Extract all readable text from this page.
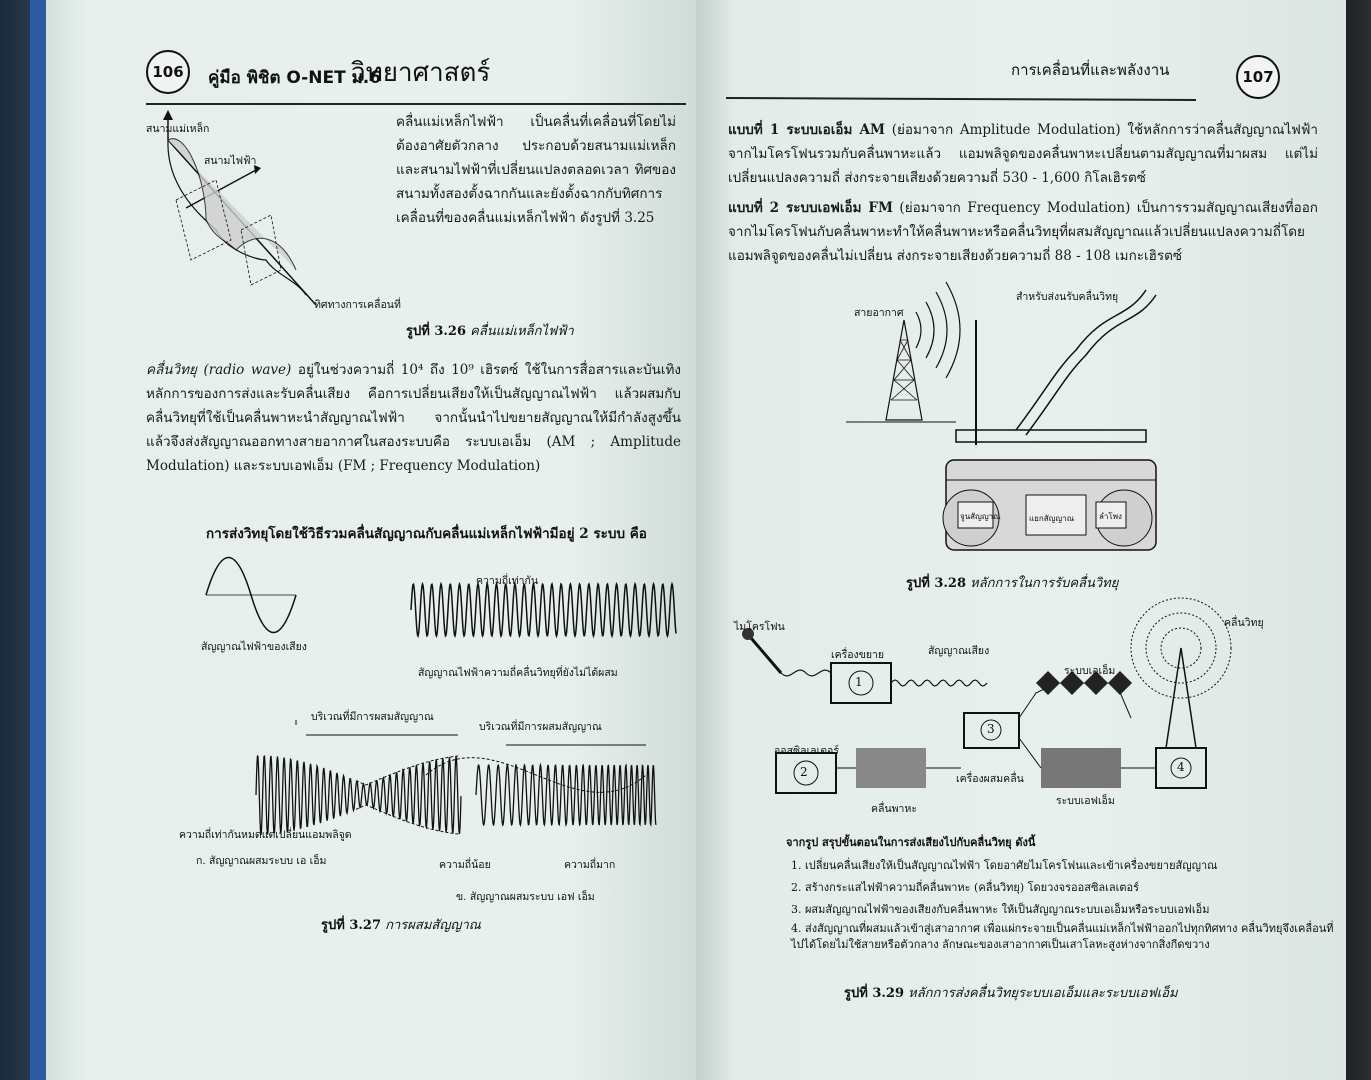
106	คู่มือ พิชิต O-NET ม.6
วิทยาศาสตร์
สนามแม่เหล็ก
สนามไฟฟ้า
ทิศทางการเคลื่อนที่
คลื่นแม่เหล็กไฟฟ้า เป็นคลื่นที่เคลื่อนที่โดยไม่ต้องอาศัยตัวกลาง ประกอบด้วยสนามแม่เหล็กและสนามไฟฟ้าที่เปลี่ยนแปลงตลอดเวลา ทิศของสนามทั้งสองตั้งฉากกันและยังตั้งฉากกับทิศการเคลื่อนที่ของคลื่นแม่เหล็กไฟฟ้า ดังรูปที่ 3.25
รูปที่ 3.26 คลื่นแม่เหล็กไฟฟ้า
คลื่นวิทยุ (radio wave) อยู่ในช่วงความถี่ 10⁴ ถึง 10⁹ เฮิรตซ์ ใช้ในการสื่อสารและบันเทิง หลักการของการส่งและรับคลื่นเสียง คือการเปลี่ยนเสียงให้เป็นสัญญาณไฟฟ้า แล้วผสมกับคลื่นวิทยุที่ใช้เป็นคลื่นพาหะนำสัญญาณไฟฟ้า จากนั้นนำไปขยายสัญญาณให้มีกำลังสูงขึ้น แล้วจึงส่งสัญญาณออกทางสายอากาศในสองระบบคือ ระบบเอเอ็ม (AM ; Amplitude Modulation) และระบบเอฟเอ็ม (FM ; Frequency Modulation)
การส่งวิทยุโดยใช้วิธีรวมคลื่นสัญญาณกับคลื่นแม่เหล็กไฟฟ้ามีอยู่ 2 ระบบ คือ
สัญญาณไฟฟ้าของเสียง
ความถี่เท่ากัน
สัญญาณไฟฟ้าความถี่คลื่นวิทยุที่ยังไม่ได้ผสม
บริเวณที่มีการผสมสัญญาณ
บริเวณที่มีการผสมสัญญาณ
ความถี่เท่ากันหมดแต่เปลี่ยนแอมพลิจูด
ก. สัญญาณผสมระบบ เอ เอ็ม	ความถี่น้อย	ความถี่มาก
ข. สัญญาณผสมระบบ เอฟ เอ็ม
รูปที่ 3.27 การผสมสัญญาณ
การเคลื่อนที่และพลังงาน	107
แบบที่ 1 ระบบเอเอ็ม AM (ย่อมาจาก Amplitude Modulation) ใช้หลักการว่าคลื่นสัญญาณไฟฟ้าจากไมโครโฟนรวมกับคลื่นพาหะแล้ว แอมพลิจูดของคลื่นพาหะเปลี่ยนตามสัญญาณที่มาผสม แต่ไม่เปลี่ยนแปลงความถี่ ส่งกระจายเสียงด้วยความถี่ 530 - 1,600 กิโลเฮิรตซ์
แบบที่ 2 ระบบเอฟเอ็ม FM (ย่อมาจาก Frequency Modulation) เป็นการรวมสัญญาณเสียงที่ออกจากไมโครโฟนกับคลื่นพาหะทำให้คลื่นพาหะหรือคลื่นวิทยุที่ผสมสัญญาณแล้วเปลี่ยนแปลงความถี่โดยแอมพลิจูดของคลื่นไม่เปลี่ยน ส่งกระจายเสียงด้วยความถี่ 88 - 108 เมกะเฮิรตซ์
สายอากาศ
สำหรับส่งนรับคลื่นวิทยุ
จูนสัญญาณ	แยกสัญญาณ	ลำโพง
รูปที่ 3.28 หลักการในการรับคลื่นวิทยุ
ไมโครโฟน
เครื่องขยาย	สัญญาณเสียง
ระบบเอเอ็ม
คลื่นวิทยุ
ออสซิลเลเตอร์
เครื่องผสมคลื่น
คลื่นพาหะ
ระบบเอฟเอ็ม
1
2
3
4
จากรูป สรุปขั้นตอนในการส่งเสียงไปกับคลื่นวิทยุ ดังนี้
1. เปลี่ยนคลื่นเสียงให้เป็นสัญญาณไฟฟ้า โดยอาศัยไมโครโฟนและเข้าเครื่องขยายสัญญาณ
2. สร้างกระแสไฟฟ้าความถี่คลื่นพาหะ (คลื่นวิทยุ) โดยวงจรออสซิลเลเตอร์
3. ผสมสัญญาณไฟฟ้าของเสียงกับคลื่นพาหะ ให้เป็นสัญญาณระบบเอเอ็มหรือระบบเอฟเอ็ม
4. ส่งสัญญาณที่ผสมแล้วเข้าสู่เสาอากาศ เพื่อแผ่กระจายเป็นคลื่นแม่เหล็กไฟฟ้าออกไปทุกทิศทาง คลื่นวิทยุจึงเคลื่อนที่ไปได้โดยไม่ใช้สายหรือตัวกลาง ลักษณะของเสาอากาศเป็นเสาโลหะสูงห่างจากสิ่งกีดขวาง
รูปที่ 3.29 หลักการส่งคลื่นวิทยุระบบเอเอ็มและระบบเอฟเอ็ม
